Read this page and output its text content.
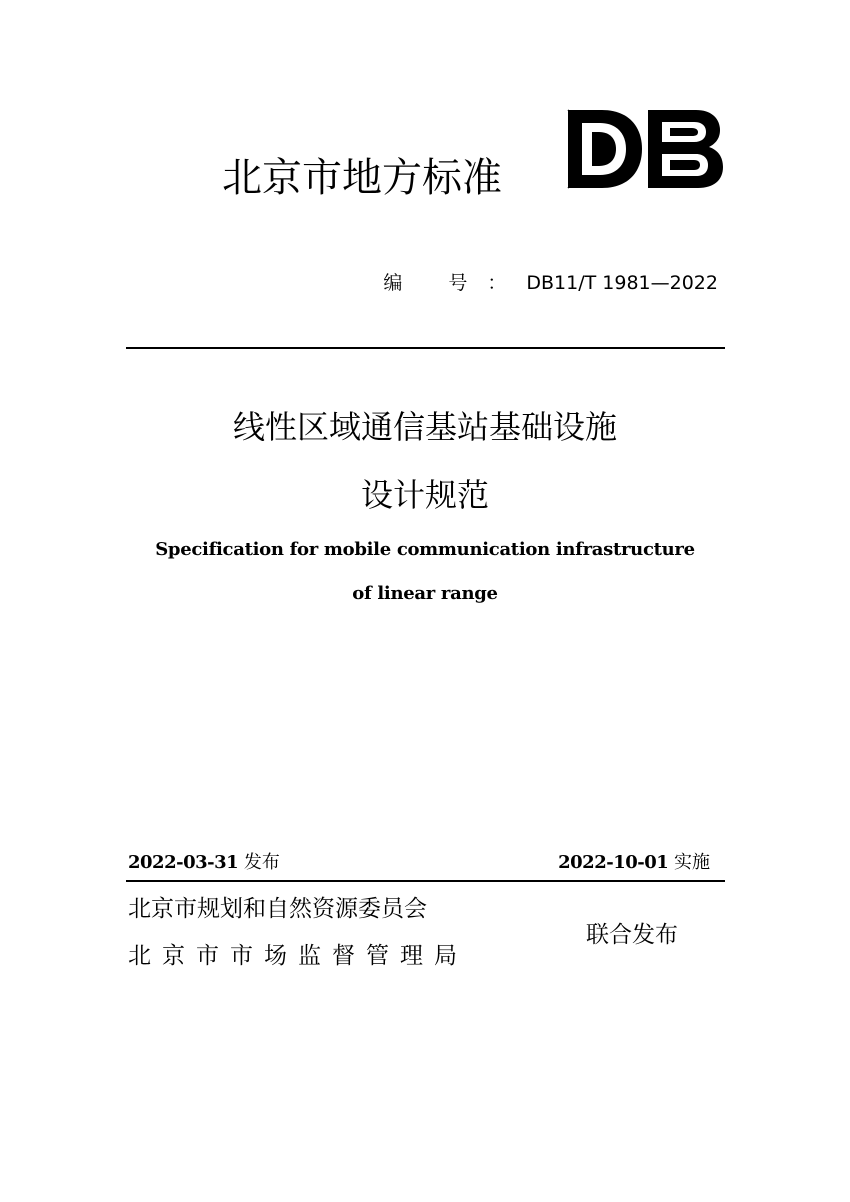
北京市地方标准
编 号：DB11/T 1981—2022
线性区域通信基站基础设施
设计规范
Specification for mobile communication infrastructure
of linear range
2022-03-31 发布	2022-10-01 实施
北京市规划和自然资源委员会
北京市市场监督管理局
联合发布
